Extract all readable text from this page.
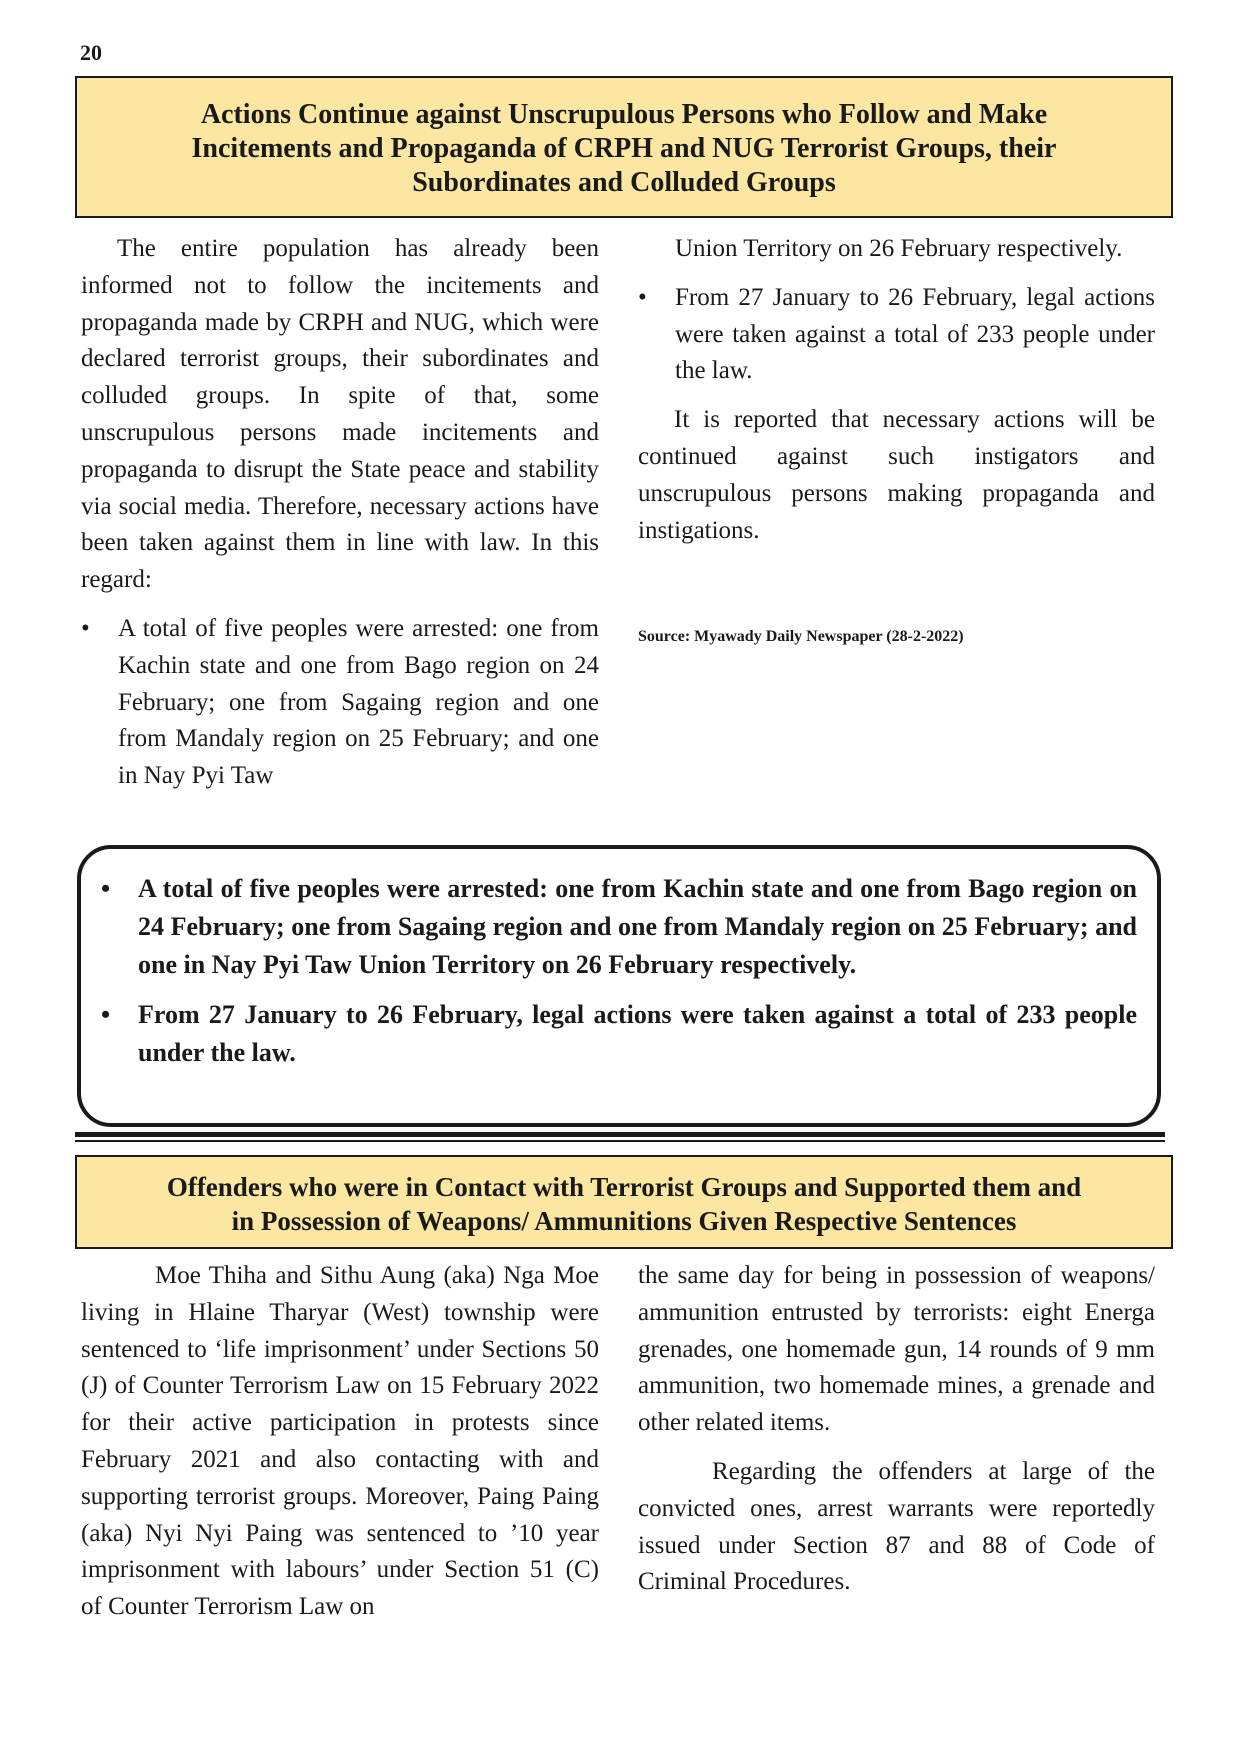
20
Actions Continue against Unscrupulous Persons who Follow and Make
Incitements and Propaganda of CRPH and NUG Terrorist Groups, their
Subordinates and Colluded Groups

The entire population has already been informed not to follow the incitements and propaganda made by CRPH and NUG, which were declared terrorist groups, their subordinates and colluded groups. In spite of that, some unscrupulous persons made incitements and propaganda to disrupt the State peace and stability via social media. Therefore, necessary actions have been taken against them in line with law. In this regard:

• A total of five peoples were arrested: one from Kachin state and one from Bago region on 24 February; one from Sagaing region and one from Mandaly region on 25 February; and one in Nay Pyi Taw

Union Territory on 26 February respectively.

• From 27 January to 26 February, legal actions were taken against a total of 233 people under the law.

It is reported that necessary actions will be continued against such instigators and unscrupulous persons making propaganda and instigations.

Source: Myawady Daily Newspaper (28-2-2022)

• A total of five peoples were arrested: one from Kachin state and one from Bago region on 24 February; one from Sagaing region and one from Mandaly region on 25 February; and one in Nay Pyi Taw Union Territory on 26 February respectively.
• From 27 January to 26 February, legal actions were taken against a total of 233 people under the law.
Offenders who were in Contact with Terrorist Groups and Supported them and
in Possession of Weapons/ Ammunitions Given Respective Sentences

Moe Thiha and Sithu Aung (aka) Nga Moe living in Hlaine Tharyar (West) township were sentenced to ‘life imprisonment’ under Sections 50 (J) of Counter Terrorism Law on 15 February 2022 for their active participation in protests since February 2021 and also contacting with and supporting terrorist groups. Moreover, Paing Paing (aka) Nyi Nyi Paing was sentenced to ’10 year imprisonment with labours’ under Section 51 (C) of Counter Terrorism Law on

the same day for being in possession of weapons/ ammunition entrusted by terrorists: eight Energa grenades, one homemade gun, 14 rounds of 9 mm ammunition, two homemade mines, a grenade and other related items.

Regarding the offenders at large of the convicted ones, arrest warrants were reportedly issued under Section 87 and 88 of Code of Criminal Procedures.
